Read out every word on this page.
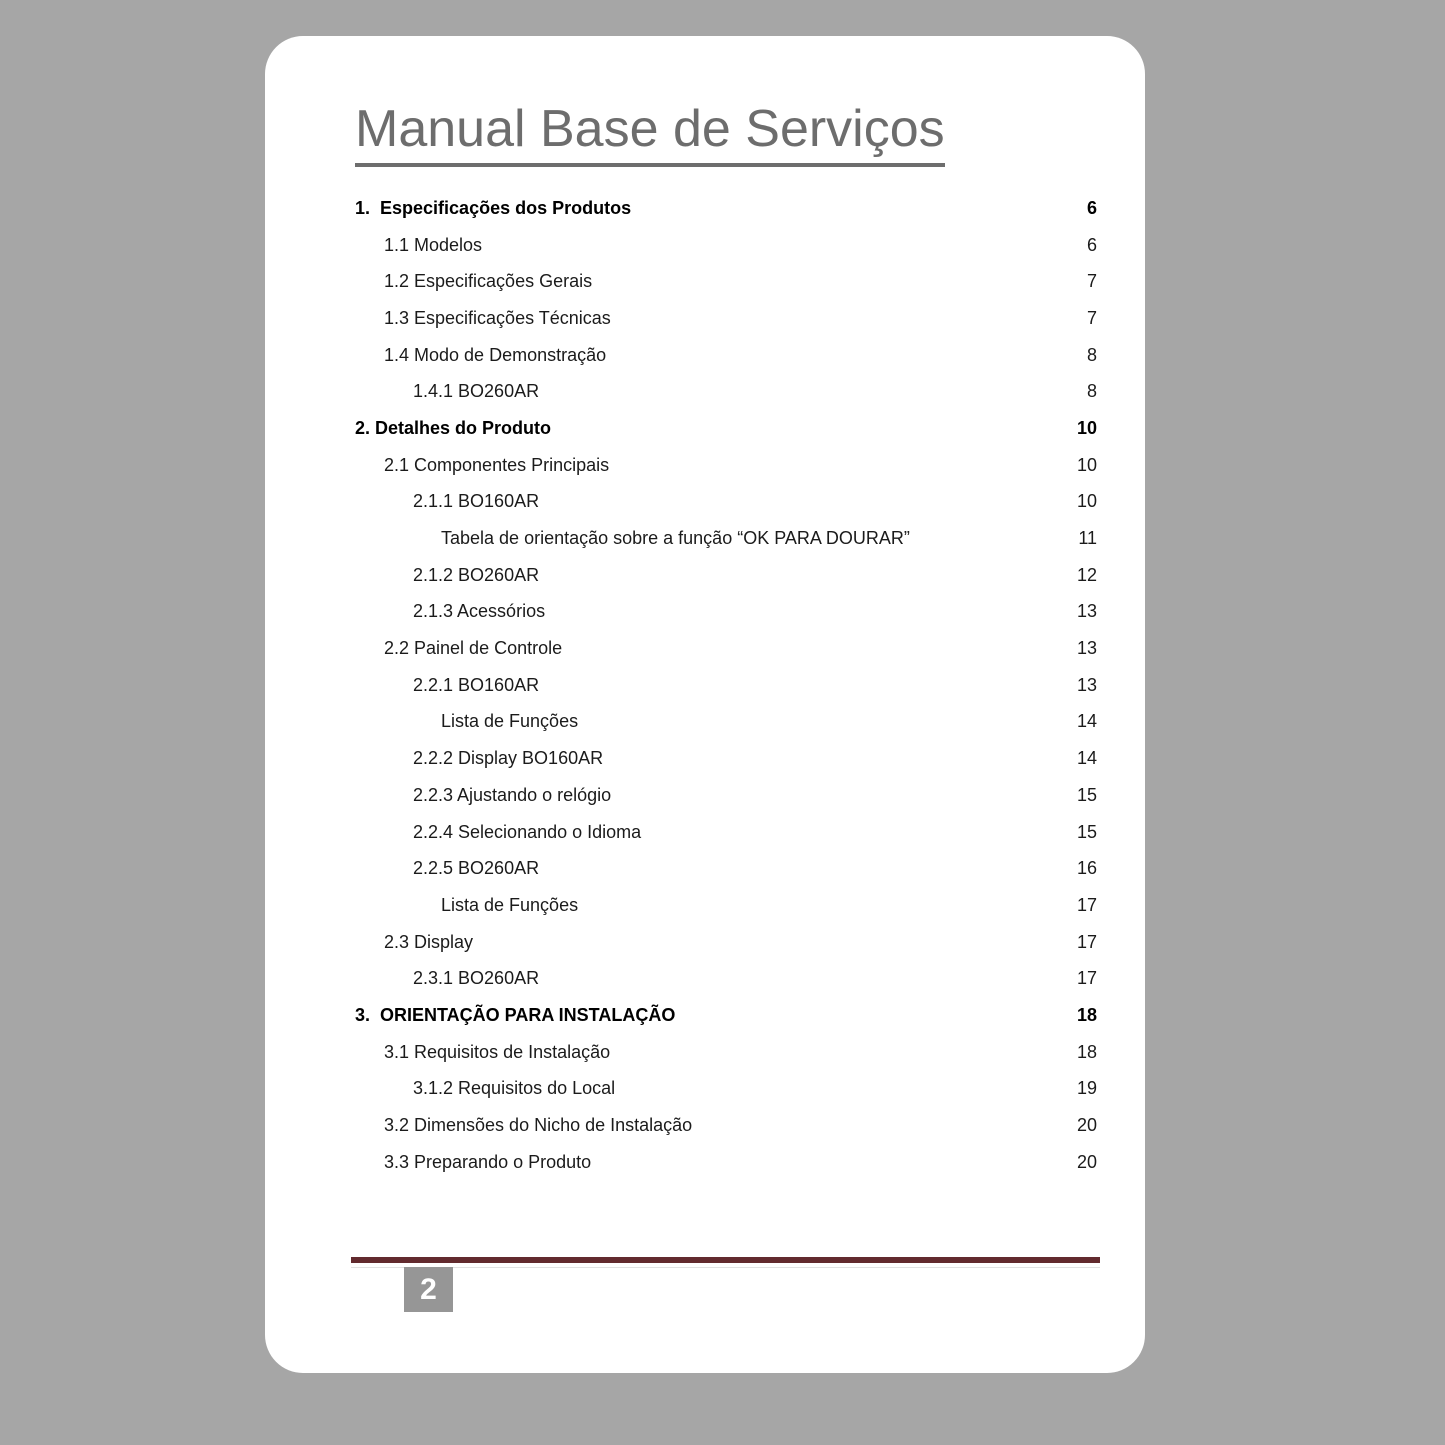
Manual Base de Serviços
1.  Especificações dos Produtos	6
1.1 Modelos	6
1.2 Especificações Gerais	7
1.3 Especificações Técnicas	7
1.4 Modo de Demonstração	8
1.4.1 BO260AR	8
2. Detalhes do Produto	10
2.1 Componentes Principais	10
2.1.1 BO160AR	10
Tabela de orientação sobre a função “OK PARA DOURAR”	11
2.1.2 BO260AR	12
2.1.3 Acessórios	13
2.2 Painel de Controle	13
2.2.1 BO160AR	13
Lista de Funções	14
2.2.2 Display BO160AR	14
2.2.3 Ajustando o relógio	15
2.2.4 Selecionando o Idioma	15
2.2.5 BO260AR	16
Lista de Funções	17
2.3 Display	17
2.3.1 BO260AR	17
3.  ORIENTAÇÃO PARA INSTALAÇÃO	18
3.1 Requisitos de Instalação	18
3.1.2 Requisitos do Local	19
3.2 Dimensões do Nicho de Instalação	20
3.3 Preparando o Produto	20
2
